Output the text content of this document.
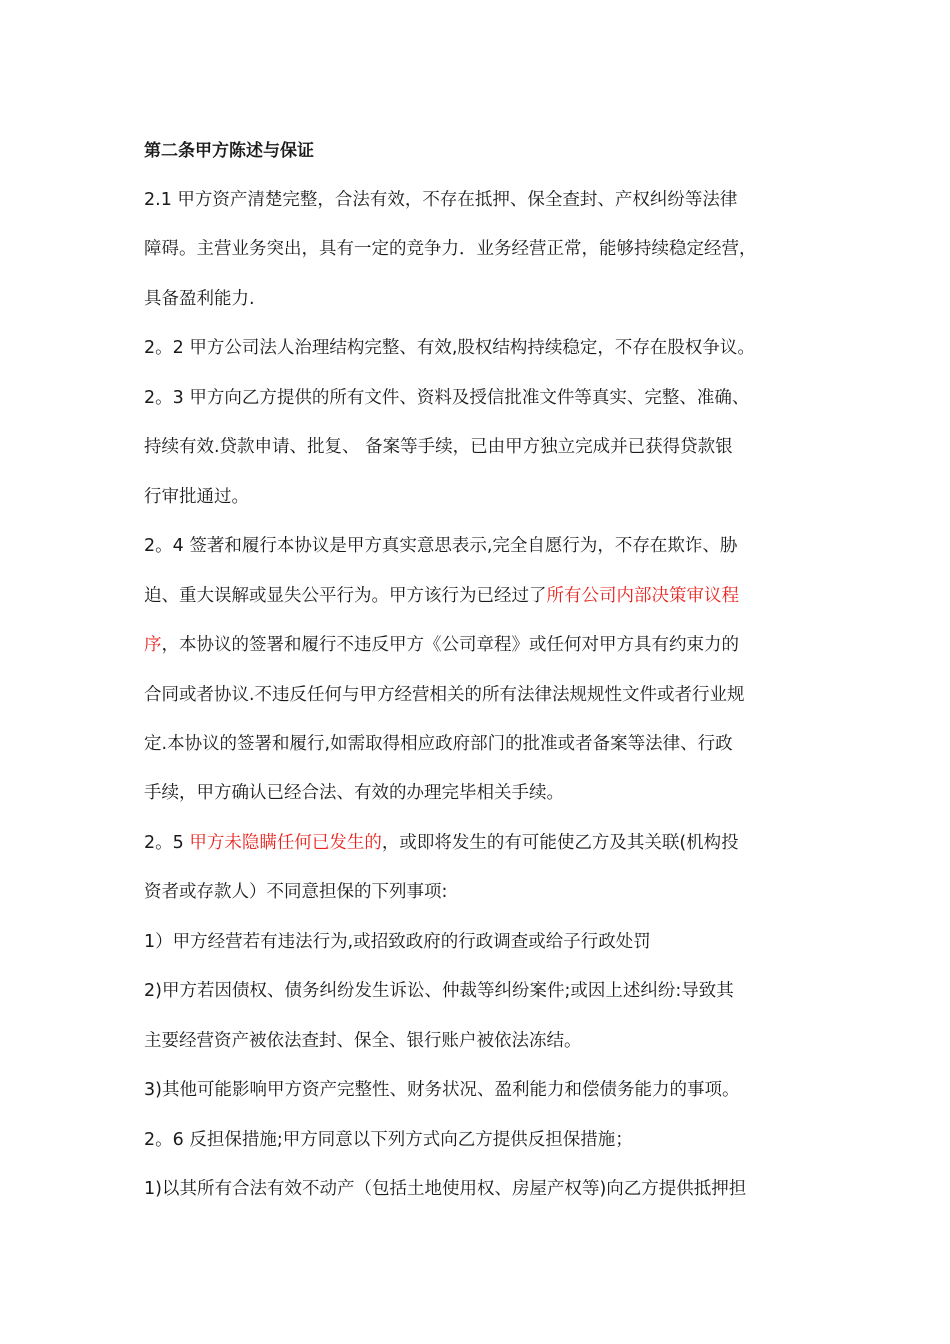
第二条甲方陈述与保证
2.1 甲方资产清楚完整，合法有效，不存在抵押、保全查封、产权纠纷等法律
障碍。主营业务突出，具有一定的竞争力．业务经营正常，能够持续稳定经营，
具备盈利能力.
2。2 甲方公司法人治理结构完整、有效,股权结构持续稳定，不存在股权争议。
2。3 甲方向乙方提供的所有文件、资料及授信批准文件等真实、完整、准确、
持续有效.贷款申请、批复、 备案等手续，已由甲方独立完成并已获得贷款银
行审批通过。
2。4 签著和履行本协议是甲方真实意思表示,完全自愿行为，不存在欺诈、胁
迫、重大误解或显失公平行为。甲方该行为已经过了所有公司内部决策审议程
序，本协议的签署和履行不违反甲方《公司章程》或任何对甲方具有约束力的
合同或者协议.不违反任何与甲方经营相关的所有法律法规规性文件或者行业规
定.本协议的签署和履行,如需取得相应政府部门的批准或者备案等法律、行政
手续，甲方确认已经合法、有效的办理完毕相关手续。
2。5 甲方未隐瞒任何已发生的，或即将发生的有可能使乙方及其关联(机构投
资者或存款人）不同意担保的下列事项:
1）甲方经营若有违法行为,或招致政府的行政调查或给子行政处罚
2)甲方若因债权、债务纠纷发生诉讼、仲裁等纠纷案件;或因上述纠纷:导致其
主要经营资产被依法查封、保全、银行账户被依法冻结。
3)其他可能影响甲方资产完整性、财务状况、盈利能力和偿债务能力的事项。
2。6 反担保措施;甲方同意以下列方式向乙方提供反担保措施；
1)以其所有合法有效不动产（包括土地使用权、房屋产权等)向乙方提供抵押担
